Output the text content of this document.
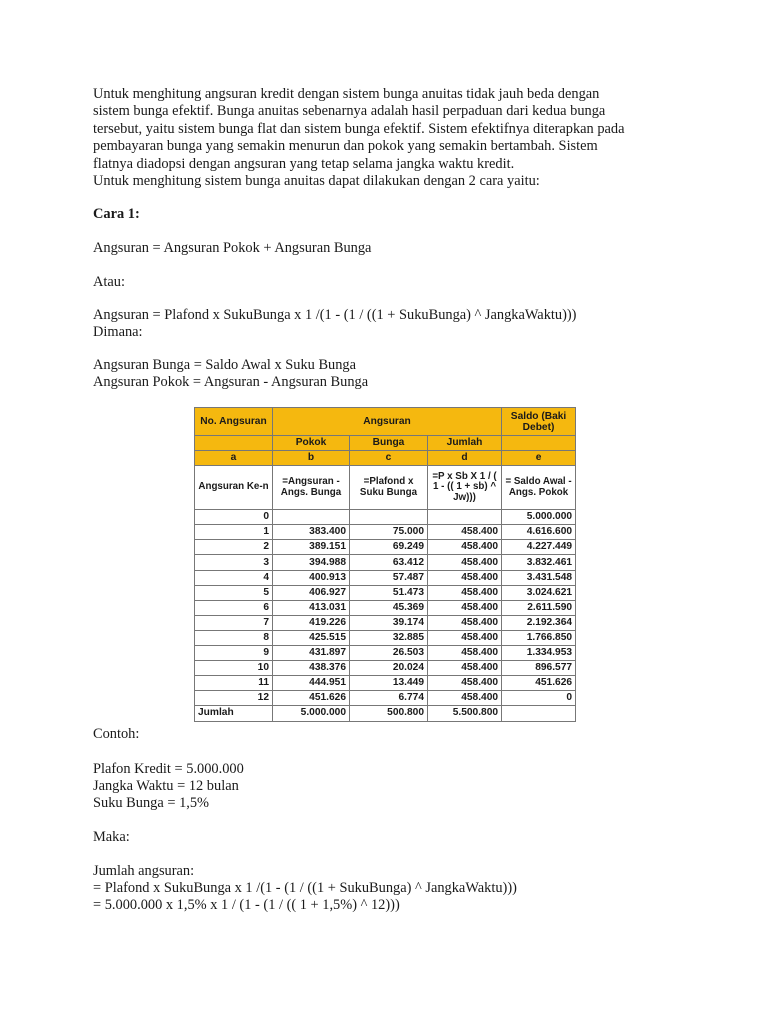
Untuk menghitung angsuran kredit dengan sistem bunga anuitas tidak jauh beda dengan
sistem bunga efektif. Bunga anuitas sebenarnya adalah hasil perpaduan dari kedua bunga
tersebut, yaitu sistem bunga flat dan sistem bunga efektif. Sistem efektifnya diterapkan pada
pembayaran bunga yang semakin menurun dan pokok yang semakin bertambah. Sistem
flatnya diadopsi dengan angsuran yang tetap selama jangka waktu kredit.
Untuk menghitung sistem bunga anuitas dapat dilakukan dengan 2 cara yaitu:

Cara 1:

Angsuran = Angsuran Pokok + Angsuran Bunga

Atau:

Angsuran = Plafond x SukuBunga x 1 /(1 - (1 / ((1 + SukuBunga) ^ JangkaWaktu)))

Dimana:

Angsuran Bunga = Saldo Awal x Suku Bunga

Angsuran Pokok = Angsuran - Angsuran Bunga

No. Angsuran	Angsuran			Saldo (Baki Debet)

	Pokok	Bunga	Jumlah	
a	b	c	d	e
Angsuran Ke-n	=Angsuran - Angs. Bunga	=Plafond x Suku Bunga	=P x Sb X 1 / ( 1 - (( 1 + sb) ^ Jw)))	= Saldo Awal - Angs. Pokok
0				5.000.000
1	383.400	75.000	458.400	4.616.600
2	389.151	69.249	458.400	4.227.449
3	394.988	63.412	458.400	3.832.461
4	400.913	57.487	458.400	3.431.548
5	406.927	51.473	458.400	3.024.621
6	413.031	45.369	458.400	2.611.590
7	419.226	39.174	458.400	2.192.364
8	425.515	32.885	458.400	1.766.850
9	431.897	26.503	458.400	1.334.953
10	438.376	20.024	458.400	896.577
11	444.951	13.449	458.400	451.626
12	451.626	6.774	458.400	0
Jumlah	5.000.000	500.800	5.500.800	

Contoh:

Plafon Kredit = 5.000.000

Jangka Waktu = 12 bulan

Suku Bunga = 1,5%

Maka:

Jumlah angsuran:

= Plafond x SukuBunga x 1 /(1 - (1 / ((1 + SukuBunga) ^ JangkaWaktu)))

= 5.000.000 x 1,5% x 1 / (1 - (1 / (( 1 + 1,5%) ^ 12)))
